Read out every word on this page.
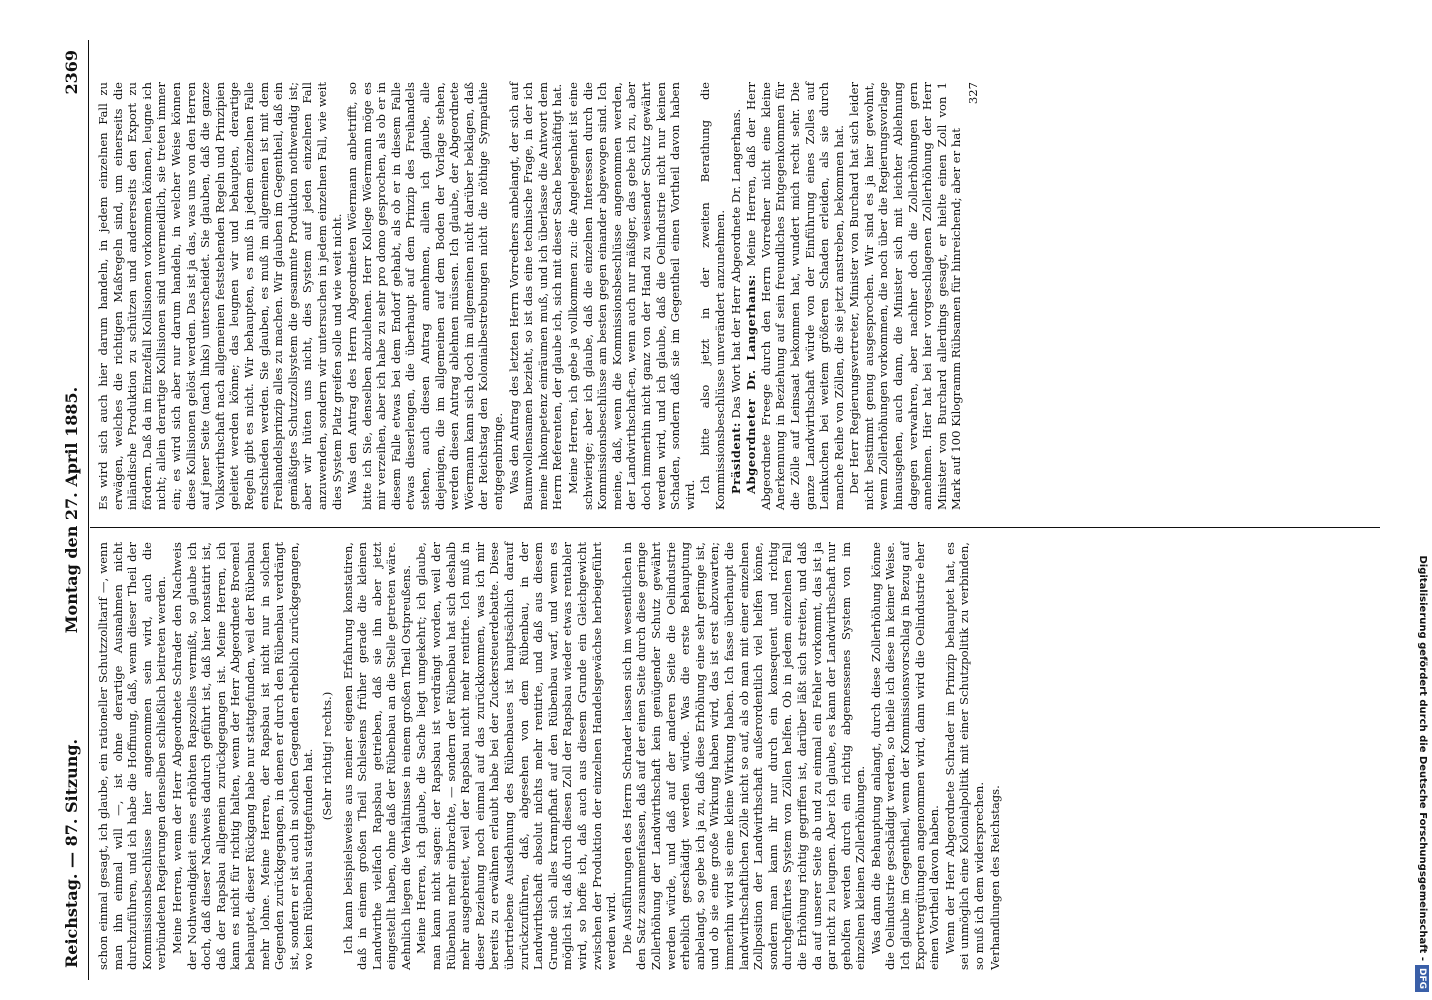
Reichstag. — 87. Sitzung.
Montag den 27. April 1885.
2369

schon einmal gesagt, ich glaube, ein rationeller Schutzzolltarif —, wenn man ihn einmal will —, ist ohne derartige Ausnahmen nicht durchzuführen, und ich habe die Hoffnung, daß, wenn dieser Theil der Kommissionsbeschlüsse hier angenommen sein wird, auch die verbündeten Regierungen denselben schließlich beitreten werden. Meine Herren, wenn der Herr Abgeordnete Schrader den Nachweis der Nothwendigkeit eines erhöhten Rapszolles vermißt, so glaube ich doch, daß dieser Nachweis dadurch geführt ist, daß hier konstatirt ist, daß der Rapsbau allgemein zurückgegangen ist. Meine Herren, ich kann es nicht für richtig halten, wenn der Herr Abgeordnete Broemel behauptet, dieser Rückgang habe nur stattgefunden, weil der Rübenbau mehr lohne. Meine Herren, der Rapsbau ist nicht nur in solchen Gegenden zurückgegangen, in denen er durch den Rübenbau verdrängt ist, sondern er ist auch in solchen Gegenden erheblich zurückgegangen, wo kein Rübenbau stattgefunden hat. (Sehr richtig! rechts.) Ich kann beispielsweise aus meiner eigenen Erfahrung konstatiren, daß in einem großen Theil Schlesiens früher gerade die kleinen Landwirthe vielfach Rapsbau getrieben, daß sie ihn aber jetzt eingestellt haben, ohne daß der Rübenbau an die Stelle getreten wäre. Aehnlich liegen die Verhältnisse in einem großen Theil Ostpreußens. Meine Herren, ich glaube, die Sache liegt umgekehrt; ich glaube, man kann nicht sagen: der Rapsbau ist verdrängt worden, weil der Rübenbau mehr einbrachte, — sondern der Rübenbau hat sich deshalb mehr ausgebreitet, weil der Rapsbau nicht mehr rentirte. Ich muß in dieser Beziehung noch einmal auf das zurückkommen, was ich mir bereits zu erwähnen erlaubt habe bei der Zuckersteuerdebatte. Diese übertriebene Ausdehnung des Rübenbaues ist hauptsächlich darauf zurückzuführen, daß, abgesehen von dem Rübenbau, in der Landwirthschaft absolut nichts mehr rentirte, und daß aus diesem Grunde sich alles krampfhaft auf den Rübenbau warf, und wenn es möglich ist, daß durch diesen Zoll der Rapsbau wieder etwas rentabler wird, so hoffe ich, daß auch aus diesem Grunde ein Gleichgewicht zwischen der Produktion der einzelnen Handelsgewächse herbeigeführt werden wird. Die Ausführungen des Herrn Schrader lassen sich im wesentlichen in den Satz zusammenfassen, daß auf der einen Seite durch diese geringe Zollerhöhung der Landwirthschaft kein genügender Schutz gewährt werden würde, und daß auf der anderen Seite die Oelindustrie erheblich geschädigt werden würde. Was die erste Behauptung anbelangt, so gebe ich ja zu, daß diese Erhöhung eine sehr geringe ist, und ob sie eine große Wirkung haben wird, das ist erst abzuwarten; immerhin wird sie eine kleine Wirkung haben. Ich fasse überhaupt die landwirthschaftlichen Zölle nicht so auf, als ob man mit einer einzelnen Zollposition der Landwirthschaft außerordentlich viel helfen könne, sondern man kann ihr nur durch ein konsequent und richtig durchgeführtes System von Zöllen helfen. Ob in jedem einzelnen Fall die Erhöhung richtig gegriffen ist, darüber läßt sich streiten, und daß da auf unserer Seite ab und zu einmal ein Fehler vorkommt, das ist ja gar nicht zu leugnen. Aber ich glaube, es kann der Landwirthschaft nur geholfen werden durch ein richtig abgemessenes System von im einzelnen kleinen Zollerhöhungen. Was dann die Behauptung anlangt, durch diese Zollerhöhung könne die Oelindustrie geschädigt werden, so theile ich diese in keiner Weise. Ich glaube im Gegentheil, wenn der Kommissionsvorschlag in Bezug auf Exportvergütungen angenommen wird, dann wird die Oelindustrie eher einen Vortheil davon haben. Wenn der Herr Abgeordnete Schrader im Prinzip behauptet hat, es sei unmöglich eine Kolonialpolitik mit einer Schutzpolitik zu verbinden, so muß ich dem widersprechen. Verhandlungen des Reichstags.

Es wird sich auch hier darum handeln, in jedem einzelnen Fall zu erwägen, welches die richtigen Maßregeln sind, um einerseits die inländische Produktion zu schützen und andererseits den Export zu fördern. Daß da im Einzelfall Kollisionen vorkommen können, leugne ich nicht; allein derartige Kollisionen sind unvermeidlich, sie treten immer ein; es wird sich aber nur darum handeln, in welcher Weise können diese Kollisionen gelöst werden. Das ist ja das, was uns von den Herren auf jener Seite (nach links) unterscheidet. Sie glauben, daß die ganze Volkswirthschaft nach allgemeinen feststehenden Regeln und Prinzipien geleitet werden könne; das leugnen wir und behaupten, derartige Regeln gibt es nicht. Wir behaupten, es muß in jedem einzelnen Falle entschieden werden. Sie glauben, es muß im allgemeinen ist mit dem Freihandelsprinzip alles zu machen. Wir glauben im Gegentheil, daß ein gemäßigtes Schutzzollsystem die gesammte Produktion nothwendig ist; aber wir hüten uns nicht, dies System auf jeden einzelnen Fall anzuwenden, sondern wir untersuchen in jedem einzelnen Fall, wie weit dies System Platz greifen solle und wie weit nicht. Was den Antrag des Herrn Abgeordneten Wöermann anbetrifft, so bitte ich Sie, denselben abzulehnen. Herr Kollege Wöermann möge es mir verzeihen, aber ich habe zu sehr pro domo gesprochen, als ob er in diesem Falle etwas bei dem Endorf gehabt, als ob er in diesem Falle etwas dieserlengen, die überhaupt auf dem Prinzip des Freihandels stehen, auch diesen Antrag annehmen, allein ich glaube, alle diejenigen, die im allgemeinen auf dem Boden der Vorlage stehen, werden diesen Antrag ablehnen müssen. Ich glaube, der Abgeordnete Wöermann kann sich doch im allgemeinen nicht darüber beklagen, daß der Reichstag den Kolonialbestrebungen nicht die nöthige Sympathie entgegenbringe. Was den Antrag des letzten Herrn Vorredners anbelangt, der sich auf Baumwollensamen bezieht, so ist das eine technische Frage, in der ich meine Inkompetenz einräumen muß, und ich überlasse die Antwort dem Herrn Referenten, der glaube ich, sich mit dieser Sache beschäftigt hat. Meine Herren, ich gebe ja vollkommen zu: die Angelegenheit ist eine schwierige; aber ich glaube, daß die einzelnen Interessen durch die Kommissionsbeschlüsse am besten gegen einander abgewogen sind. Ich meine, daß, wenn die Kommissionsbeschlüsse angenommen werden, der Landwirthschaft-en, wenn auch nur mäßiger, das gebe ich zu, aber doch immerhin nicht ganz von der Hand zu weisender Schutz gewährt werden wird, und ich glaube, daß die Oelindustrie nicht nur keinen Schaden, sondern daß sie im Gegentheil einen Vortheil davon haben wird.

Ich bitte also jetzt in der zweiten Berathung die Kommissionsbeschlüsse unverändert anzunehmen. Präsident: Das Wort hat der Herr Abgeordnete Dr. Langerhans. Abgeordneter Dr. Langerhans: Meine Herren, daß der Herr Abgeordnete Freege durch den Herrn Vorredner nicht eine kleine Anerkennung in Beziehung auf sein freundliches Entgegenkommen für die Zölle auf Leinsaat bekommen hat, wundert mich recht sehr. Die ganze Landwirthschaft würde von der Einführung eines Zolles auf Leinkuchen bei weitem größeren Schaden erleiden, als sie durch manche Reihe von Zöllen, die sie jetzt anstreben, bekommen hat. Der Herr Regierungsvertreter, Minister von Burchard hat sich leider nicht bestimmt genug ausgesprochen. Wir sind es ja hier gewohnt, wenn Zollerhöhungen vorkommen, die noch über die Regierungsvorlage hinausgehen, auch dann, die Minister sich mit leichter Ablehnung dagegen verwahren, aber nachher doch die Zollerhöhungen gern annehmen. Hier hat bei hier vorgeschlagenen Zollerhöhung der Herr Minister von Burchard allerdings gesagt, er hielte einen Zoll von 1 Mark auf 100 Kilogramm Rübsamen für hinreichend; aber er hat

327

Digitalisierung gefördert durch die Deutsche Forschungsgemeinschaft -DFG
